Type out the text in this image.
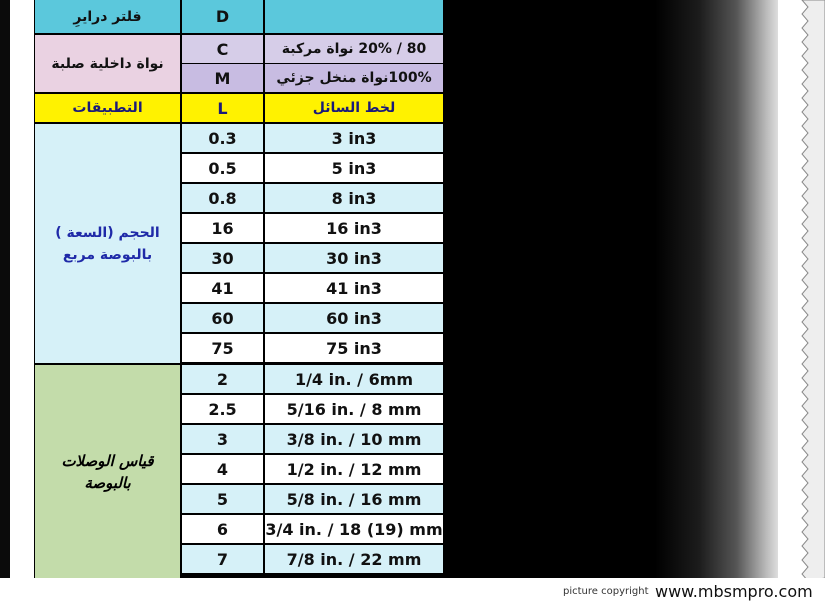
فلتر درايرِ	D
نواة داخلية صلبة
C	80 / 20% نواة مركبة
M	100%نواة منخل جزئي
التطبيقات	L	لخط السائل
الحجم (السعة )
بالبوصة مربع
0.3	3 in3
0.5	5 in3
0.8	8 in3
16	16 in3
30	30 in3
41	41 in3
60	60 in3
75	75 in3
قياس الوصلات
بالبوصة
2	1/4 in. / 6mm
2.5	5/16 in. / 8 mm
3	3/8 in. / 10 mm
4	1/2 in. / 12 mm
5	5/8 in. / 16 mm
6	3/4 in. / 18 (19) mm
7	7/8 in. / 22 mm
picture copyright www.mbsmpro.com
